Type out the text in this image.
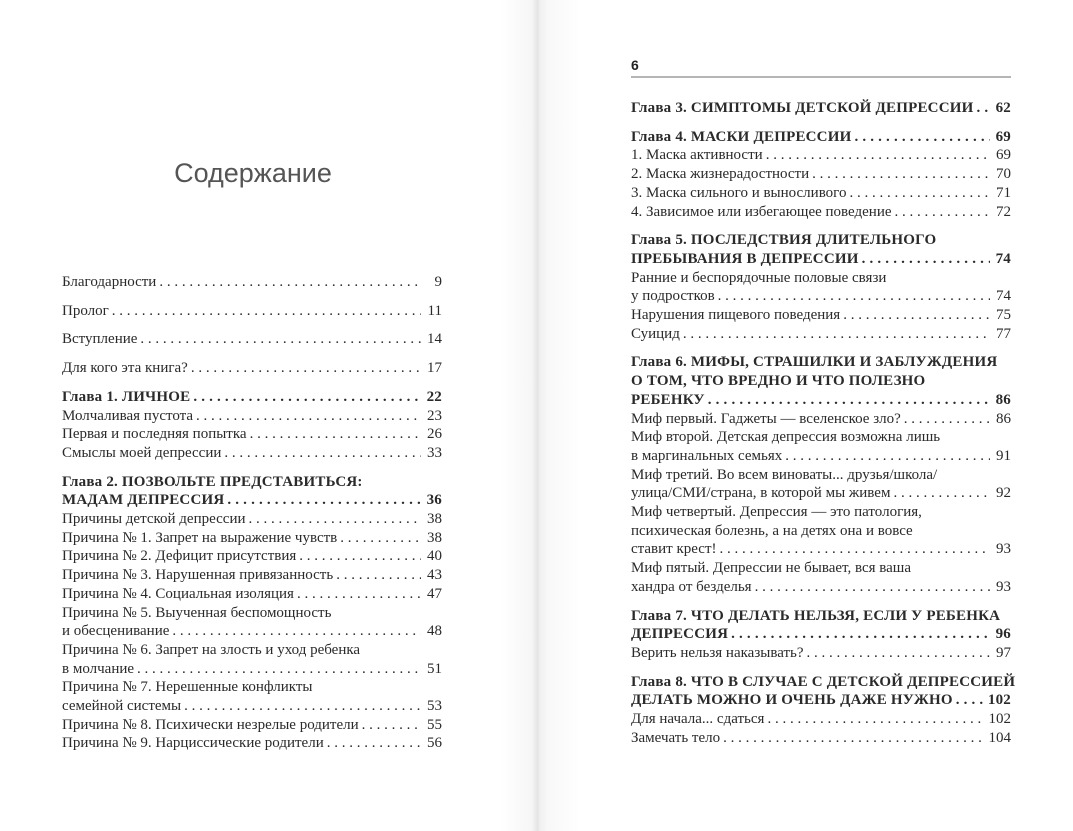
Содержание
Благодарности . . .	9
Пролог . . .	11
Вступление . . .	14
Для кого эта книга? . . .	17
Глава 1. ЛИЧНОЕ . . .	22
Молчаливая пустота . . .	23
Первая и последняя попытка . . .	26
Смыслы моей депрессии . . .	33
Глава 2. ПОЗВОЛЬТЕ ПРЕДСТАВИТЬСЯ:
МАДАМ ДЕПРЕССИЯ . . .	36
Причины детской депрессии . . .	38
Причина № 1. Запрет на выражение чувств . . .	38
Причина № 2. Дефицит присутствия . . .	40
Причина № 3. Нарушенная привязанность . . .	43
Причина № 4. Социальная изоляция . . .	47
Причина № 5. Выученная беспомощность
и обесценивание . . .	48
Причина № 6. Запрет на злость и уход ребенка
в молчание . . .	51
Причина № 7. Нерешенные конфликты
семейной системы . . .	53
Причина № 8. Психически незрелые родители . . .	55
Причина № 9. Нарциссические родители . . .	56
6
Глава 3. СИМПТОМЫ ДЕТСКОЙ ДЕПРЕССИИ . . . 62
Глава 4. МАСКИ ДЕПРЕССИИ . . .	69
1. Маска активности . . .	69
2. Маска жизнерадостности . . .	70
3. Маска сильного и выносливого . . .	71
4. Зависимое или избегающее поведение . . .	72
Глава 5. ПОСЛЕДСТВИЯ ДЛИТЕЛЬНОГО
ПРЕБЫВАНИЯ В ДЕПРЕССИИ . . .	74
Ранние и беспорядочные половые связи
у подростков . . .	74
Нарушения пищевого поведения . . .	75
Суицид . . .	77
Глава 6. МИФЫ, СТРАШИЛКИ И ЗАБЛУЖДЕНИЯ
О ТОМ, ЧТО ВРЕДНО И ЧТО ПОЛЕЗНО
РЕБЕНКУ . . .	86
Миф первый. Гаджеты — вселенское зло? . . .	86
Миф второй. Детская депрессия возможна лишь
в маргинальных семьях . . .	91
Миф третий. Во всем виноваты... друзья/школа/
улица/СМИ/страна, в которой мы живем . . .	92
Миф четвертый. Депрессия — это патология,
психическая болезнь, а на детях она и вовсе
ставит крест! . . .	93
Миф пятый. Депрессии не бывает, вся ваша
хандра от безделья . . .	93
Глава 7. ЧТО ДЕЛАТЬ НЕЛЬЗЯ, ЕСЛИ У РЕБЕНКА
ДЕПРЕССИЯ . . .	96
Верить нельзя наказывать? . . .	97
Глава 8. ЧТО В СЛУЧАЕ С ДЕТСКОЙ ДЕПРЕССИЕЙ
ДЕЛАТЬ МОЖНО И ОЧЕНЬ ДАЖЕ НУЖНО . . . 102
Для начала... сдаться . . .	102
Замечать тело . . .	104
